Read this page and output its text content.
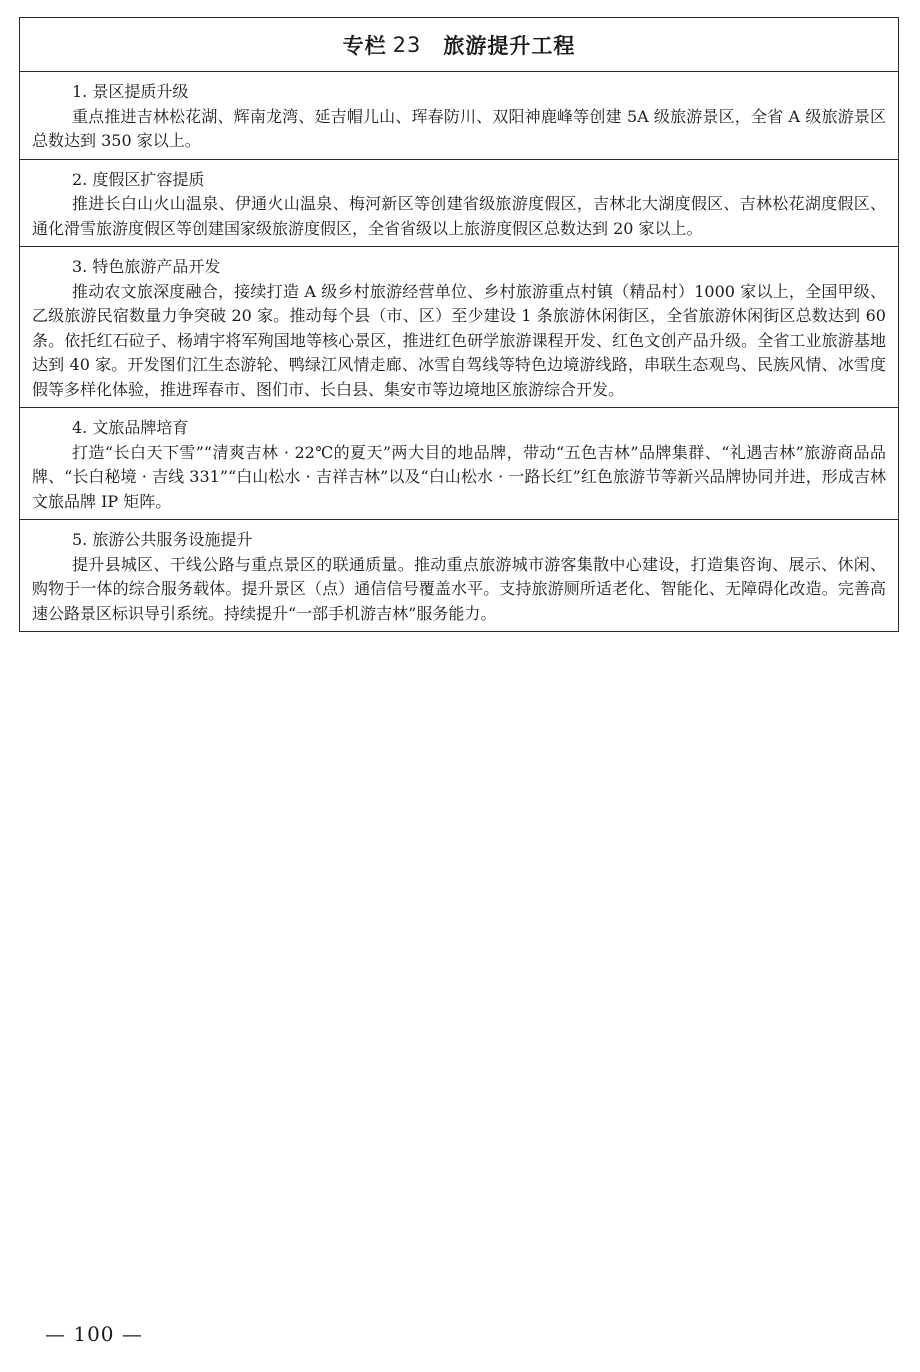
专栏 23 旅游提升工程
1. 景区提质升级
重点推进吉林松花湖、辉南龙湾、延吉帽儿山、珲春防川、双阳神鹿峰等创建 5A 级旅游景区，全省 A 级旅游景区总数达到 350 家以上。
2. 度假区扩容提质
推进长白山火山温泉、伊通火山温泉、梅河新区等创建省级旅游度假区，吉林北大湖度假区、吉林松花湖度假区、通化滑雪旅游度假区等创建国家级旅游度假区，全省省级以上旅游度假区总数达到 20 家以上。
3. 特色旅游产品开发
推动农文旅深度融合，接续打造 A 级乡村旅游经营单位、乡村旅游重点村镇（精品村）1000 家以上，全国甲级、乙级旅游民宿数量力争突破 20 家。推动每个县（市、区）至少建设 1 条旅游休闲街区，全省旅游休闲街区总数达到 60 条。依托红石砬子、杨靖宇将军殉国地等核心景区，推进红色研学旅游课程开发、红色文创产品升级。全省工业旅游基地达到 40 家。开发图们江生态游轮、鸭绿江风情走廊、冰雪自驾线等特色边境游线路，串联生态观鸟、民族风情、冰雪度假等多样化体验，推进珲春市、图们市、长白县、集安市等边境地区旅游综合开发。
4. 文旅品牌培育
打造“长白天下雪”“清爽吉林 · 22℃的夏天”两大目的地品牌，带动“五色吉林”品牌集群、“礼遇吉林”旅游商品品牌、“长白秘境 · 吉线 331”“白山松水 · 吉祥吉林”以及“白山松水 · 一路长红”红色旅游节等新兴品牌协同并进，形成吉林文旅品牌 IP 矩阵。
5. 旅游公共服务设施提升
提升县城区、干线公路与重点景区的联通质量。推动重点旅游城市游客集散中心建设，打造集咨询、展示、休闲、购物于一体的综合服务载体。提升景区（点）通信信号覆盖水平。支持旅游厕所适老化、智能化、无障碍化改造。完善高速公路景区标识导引系统。持续提升“一部手机游吉林”服务能力。
— 100 —
